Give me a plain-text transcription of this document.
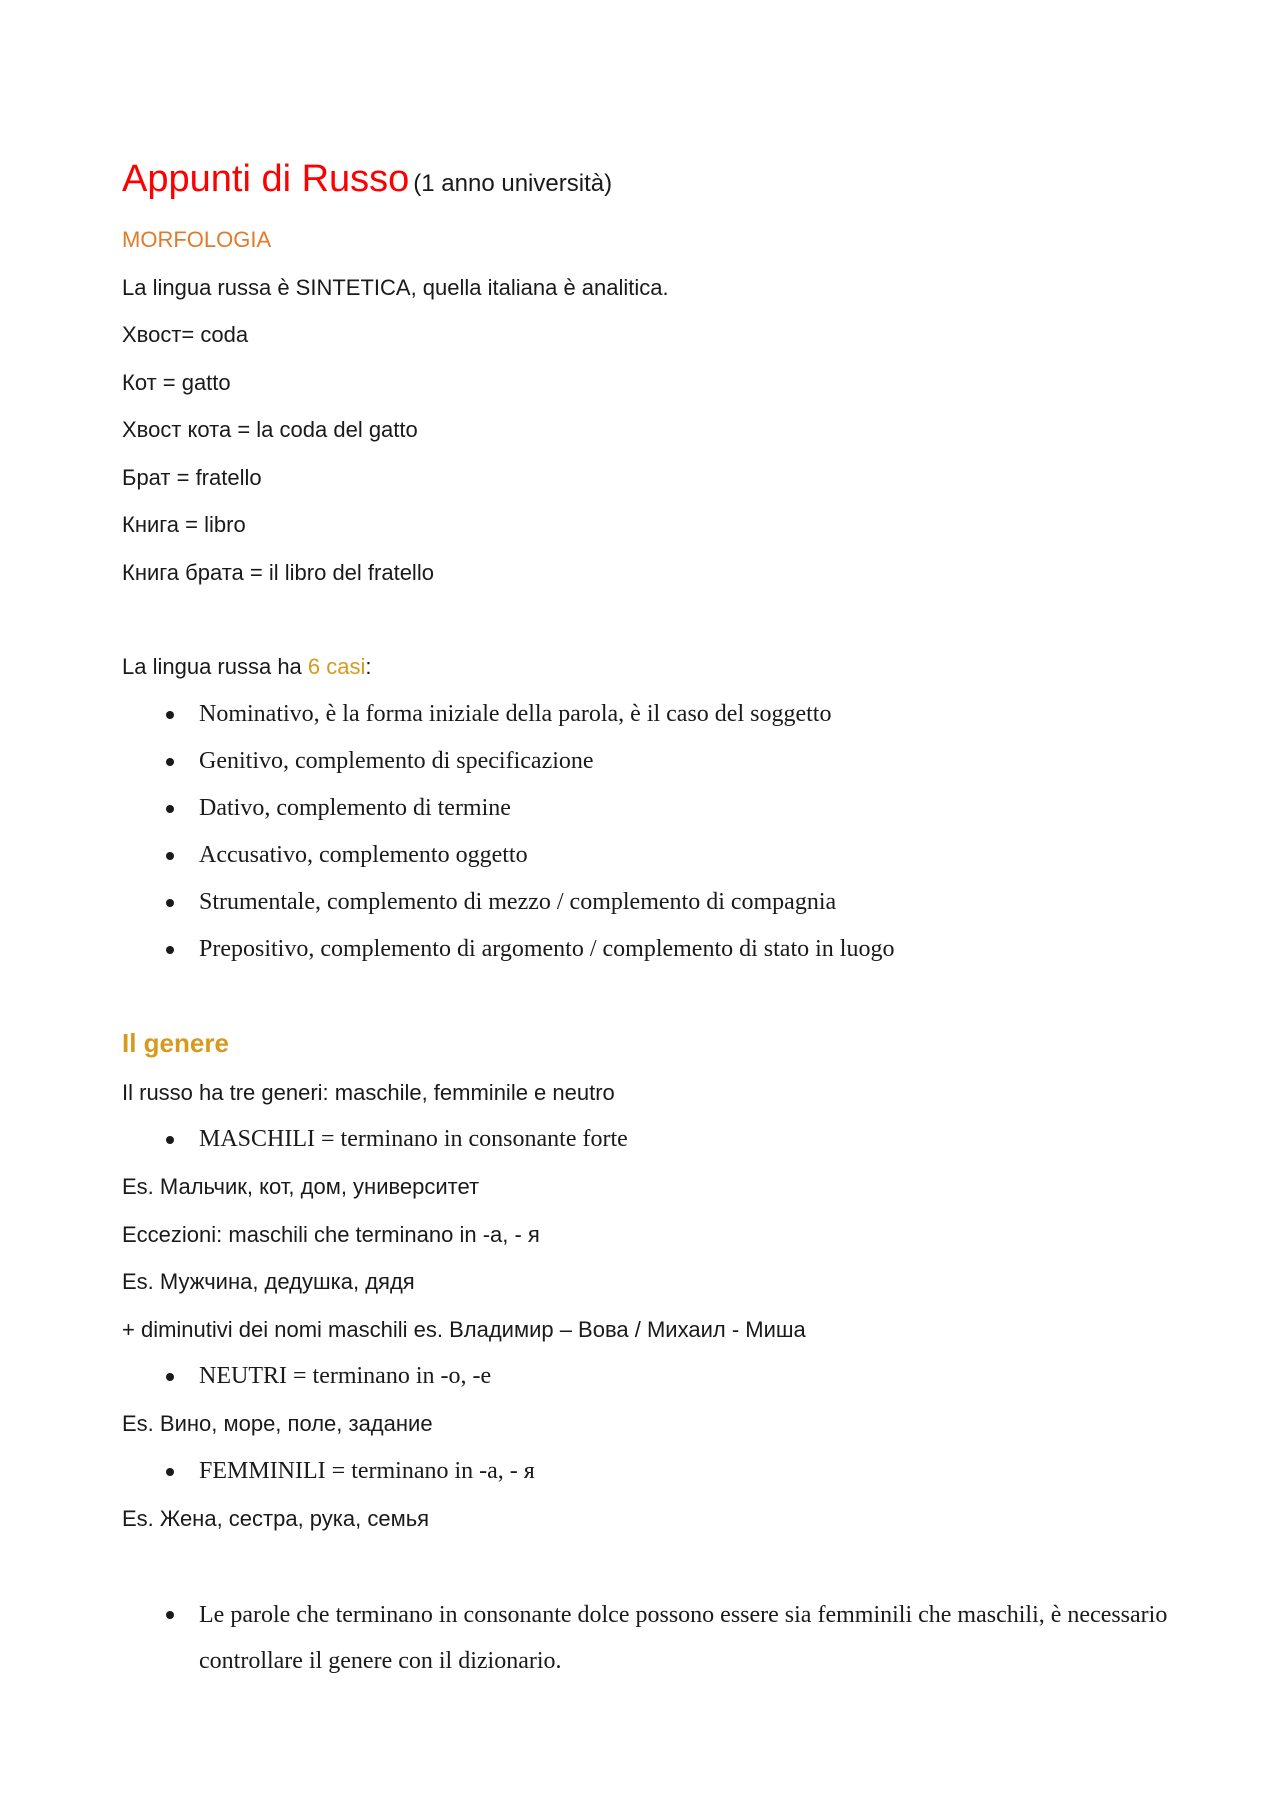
Appunti di Russo (1 anno università)

MORFOLOGIA

La lingua russa è SINTETICA, quella italiana è analitica.

Хвост= coda

Кот = gatto

Хвост кота = la coda del gatto

Брат = fratello

Книга = libro

Книга брата = il libro del fratello

La lingua russa ha 6 casi:

Nominativo, è la forma iniziale della parola, è il caso del soggetto
Genitivo, complemento di specificazione
Dativo, complemento di termine
Accusativo, complemento oggetto
Strumentale, complemento di mezzo / complemento di compagnia
Prepositivo, complemento di argomento / complemento di stato in luogo
Il genere

Il russo ha tre generi: maschile, femminile e neutro

MASCHILI = terminano in consonante forte

Es. Мальчик, кот, дом, университет

Eccezioni: maschili che terminano in -a, - я

Es. Мужчина, дедушка, дядя

+ diminutivi dei nomi maschili es. Владимир – Вова / Михаил - Миша

NEUTRI = terminano in -o, -e

Es. Вино, море, поле, задание

FEMMINILI = terminano in -a, - я

Es. Жена, сестра, рука, семья

Le parole che terminano in consonante dolce possono essere sia femminili che maschili, è necessario controllare il genere con il dizionario.
